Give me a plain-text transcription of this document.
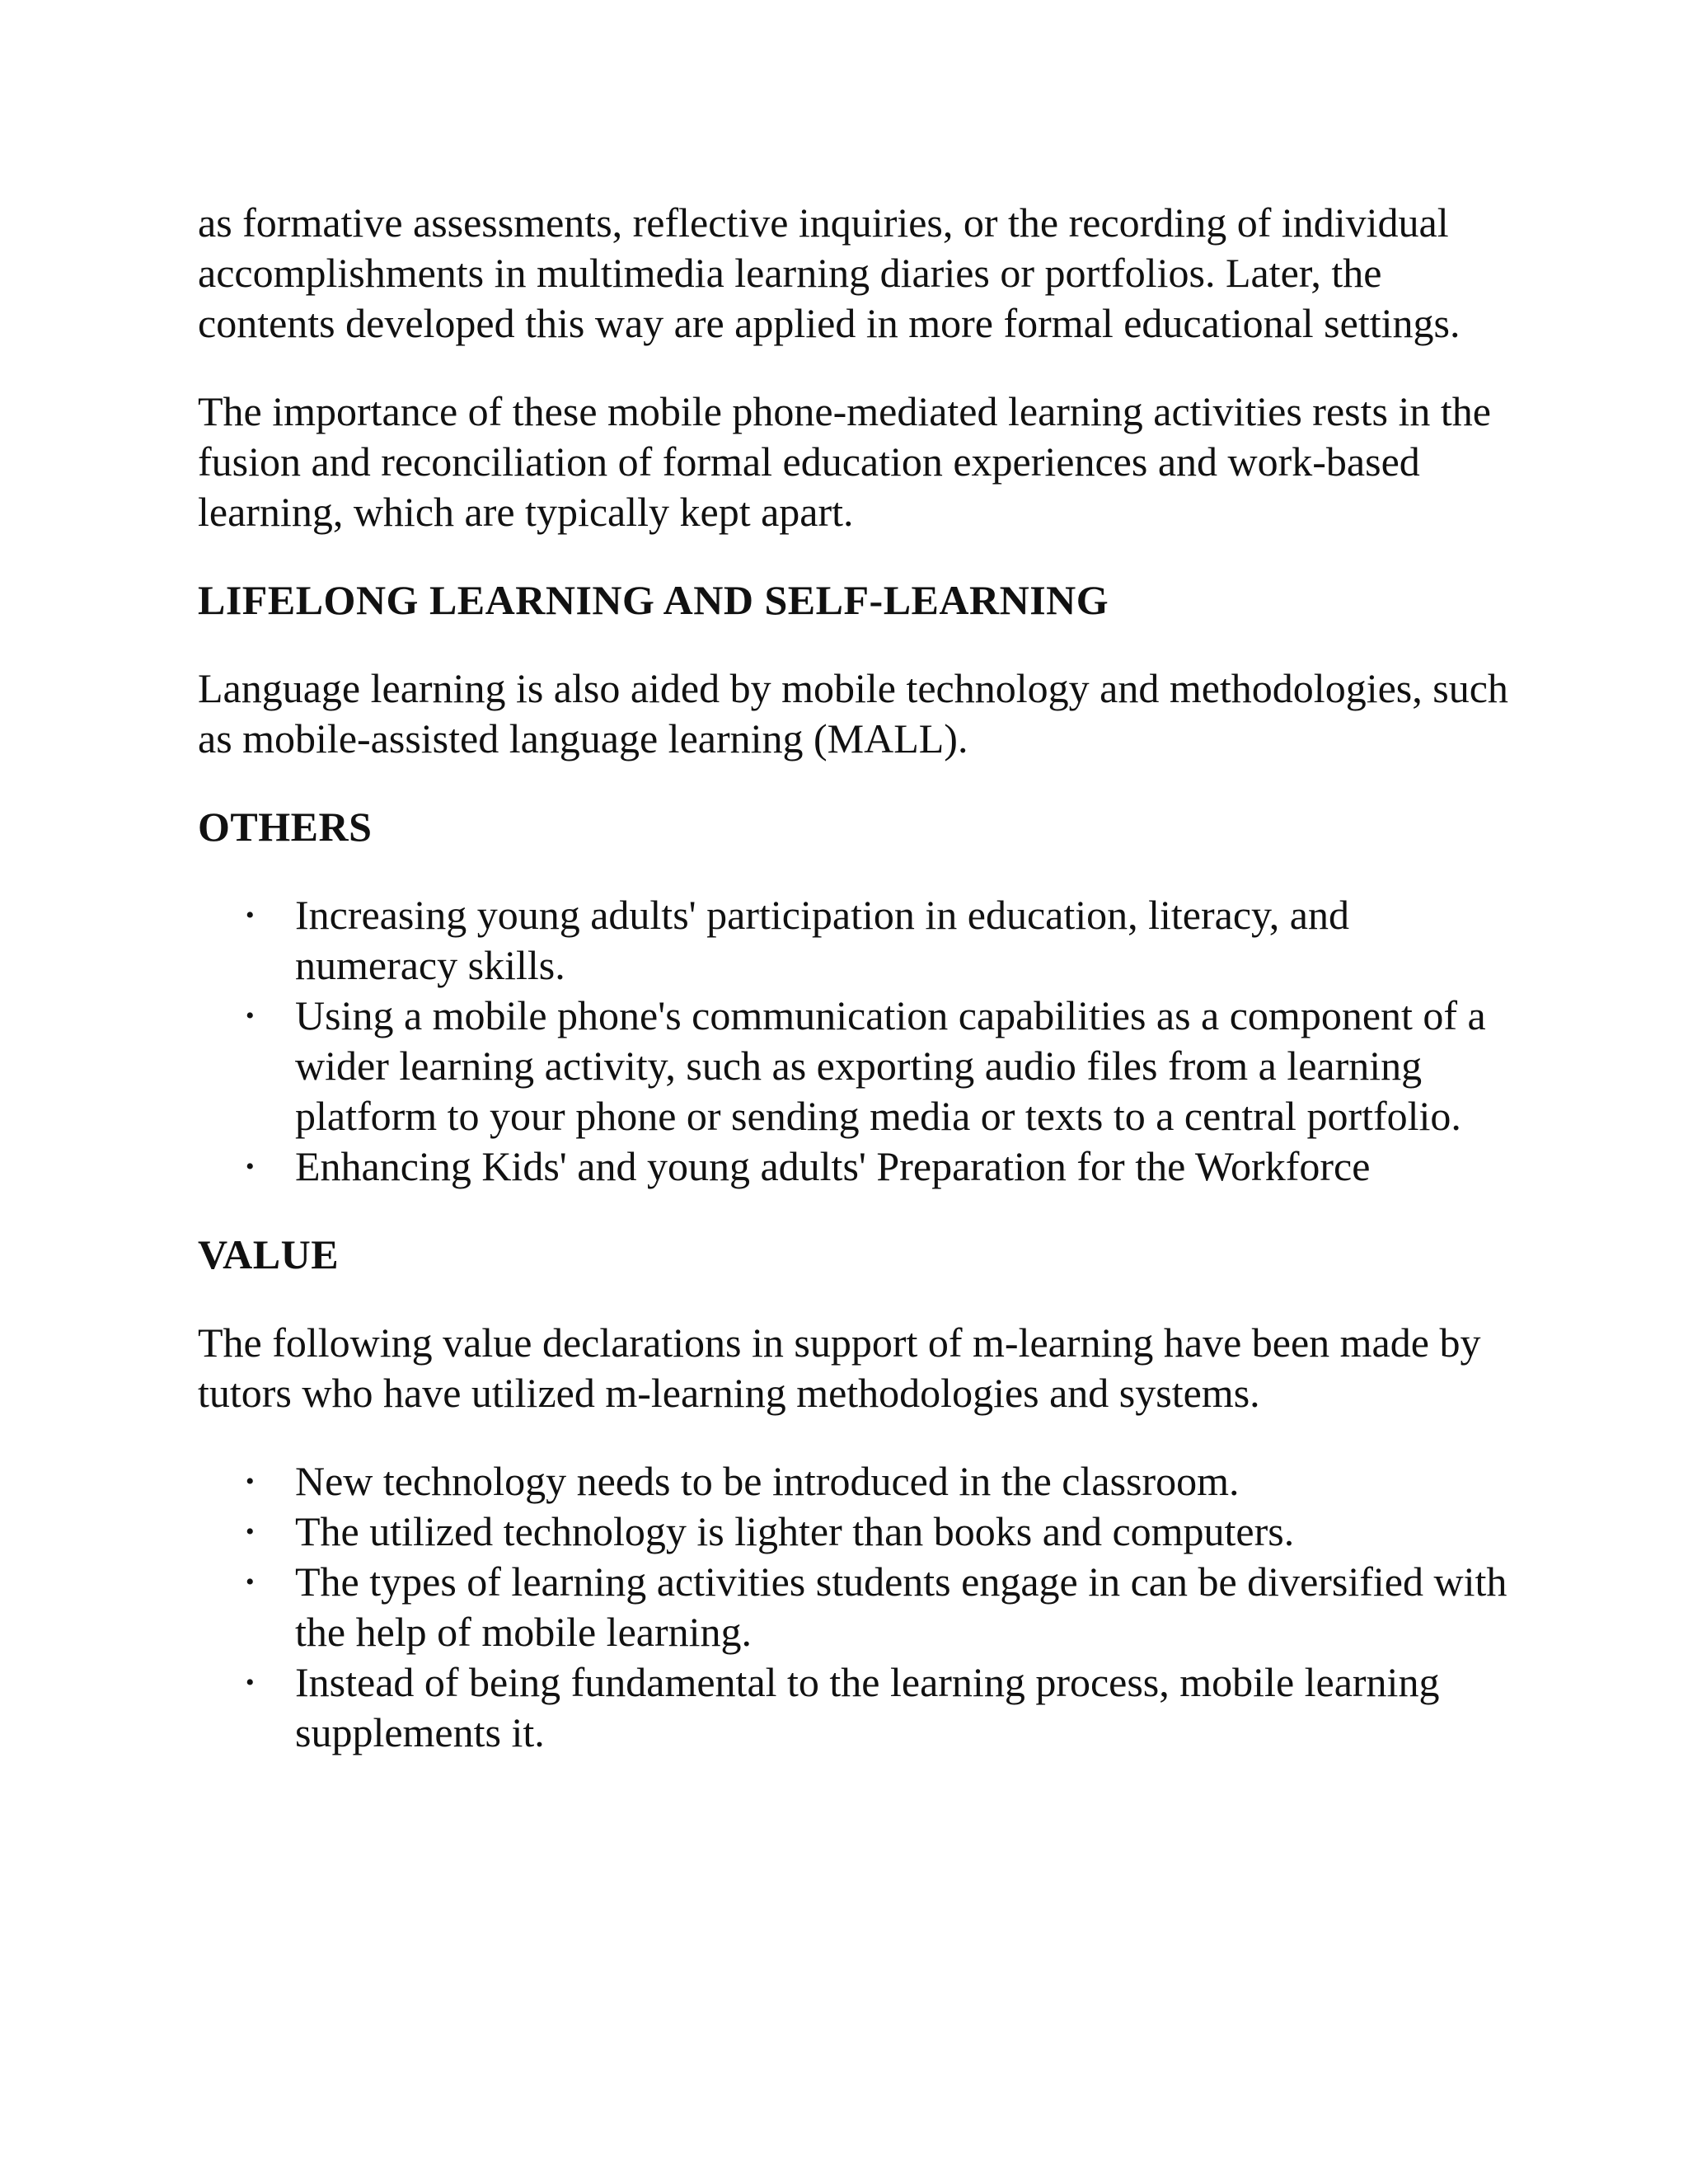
as formative assessments, reflective inquiries, or the recording of individual accomplishments in multimedia learning diaries or portfolios. Later, the contents developed this way are applied in more formal educational settings.

The importance of these mobile phone-mediated learning activities rests in the fusion and reconciliation of formal education experiences and work-based learning, which are typically kept apart.

LIFELONG LEARNING AND SELF-LEARNING

Language learning is also aided by mobile technology and methodologies, such as mobile-assisted language learning (MALL).

OTHERS
• Increasing young adults' participation in education, literacy, and numeracy skills.
• Using a mobile phone's communication capabilities as a component of a wider learning activity, such as exporting audio files from a learning platform to your phone or sending media or texts to a central portfolio.
• Enhancing Kids' and young adults' Preparation for the Workforce
VALUE

The following value declarations in support of m-learning have been made by tutors who have utilized m-learning methodologies and systems.

• New technology needs to be introduced in the classroom.
• The utilized technology is lighter than books and computers.
• The types of learning activities students engage in can be diversified with the help of mobile learning.
• Instead of being fundamental to the learning process, mobile learning supplements it.
